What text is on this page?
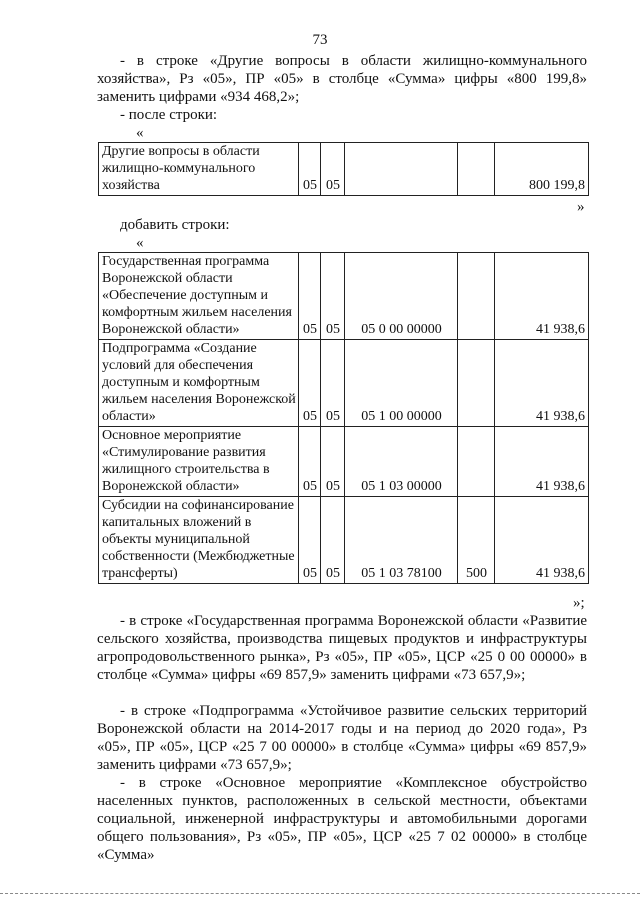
73

- в строке «Другие вопросы в области жилищно-коммунального хозяйства», Рз «05», ПР «05» в столбце «Сумма» цифры «800 199,8» заменить цифрами «934 468,2»;

- после строки:

«

Другие вопросы в области жилищно-коммунального хозяйства	05	05			800 199,8

»

добавить строки:

«

Государственная программа Воронежской области «Обеспечение доступным и комфортным жильем населения Воронежской области»	05	05	05 0 00 00000		41 938,6
Подпрограмма «Создание условий для обеспечения доступным и комфортным жильем населения Воронежской области»	05	05	05 1 00 00000		41 938,6
Основное мероприятие «Стимулирование развития жилищного строительства в Воронежской области»	05	05	05 1 03 00000		41 938,6
Субсидии на софинансирование капитальных вложений в объекты муниципальной собственности (Межбюджетные трансферты)	05	05	05 1 03 78100	500	41 938,6

»;

- в строке «Государственная программа Воронежской области «Развитие сельского хозяйства, производства пищевых продуктов и инфраструктуры агропродовольственного рынка», Рз «05», ПР «05», ЦСР «25 0 00 00000» в столбце «Сумма» цифры «69 857,9» заменить цифрами «73 657,9»;

- в строке «Подпрограмма «Устойчивое развитие сельских территорий Воронежской области на 2014-2017 годы и на период до 2020 года», Рз «05», ПР «05», ЦСР «25 7 00 00000» в столбце «Сумма» цифры «69 857,9» заменить цифрами «73 657,9»;

- в строке «Основное мероприятие «Комплексное обустройство населенных пунктов, расположенных в сельской местности, объектами социальной, инженерной инфраструктуры и автомобильными дорогами общего пользования», Рз «05», ПР «05», ЦСР «25 7 02 00000» в столбце «Сумма»
